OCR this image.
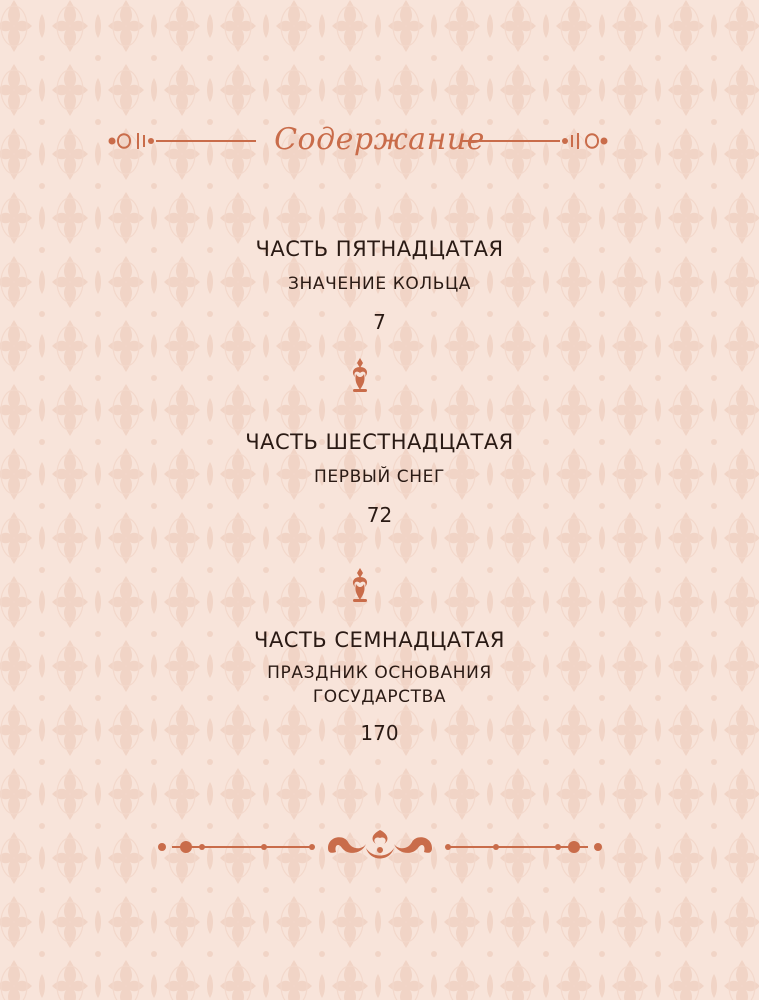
Содержание
ЧАСТЬ ПЯТНАДЦАТАЯ
ЗНАЧЕНИЕ КОЛЬЦА
7
ЧАСТЬ ШЕСТНАДЦАТАЯ
ПЕРВЫЙ СНЕГ
72
ЧАСТЬ СЕМНАДЦАТАЯ
ПРАЗДНИК ОСНОВАНИЯ
ГОСУДАРСТВА
170
